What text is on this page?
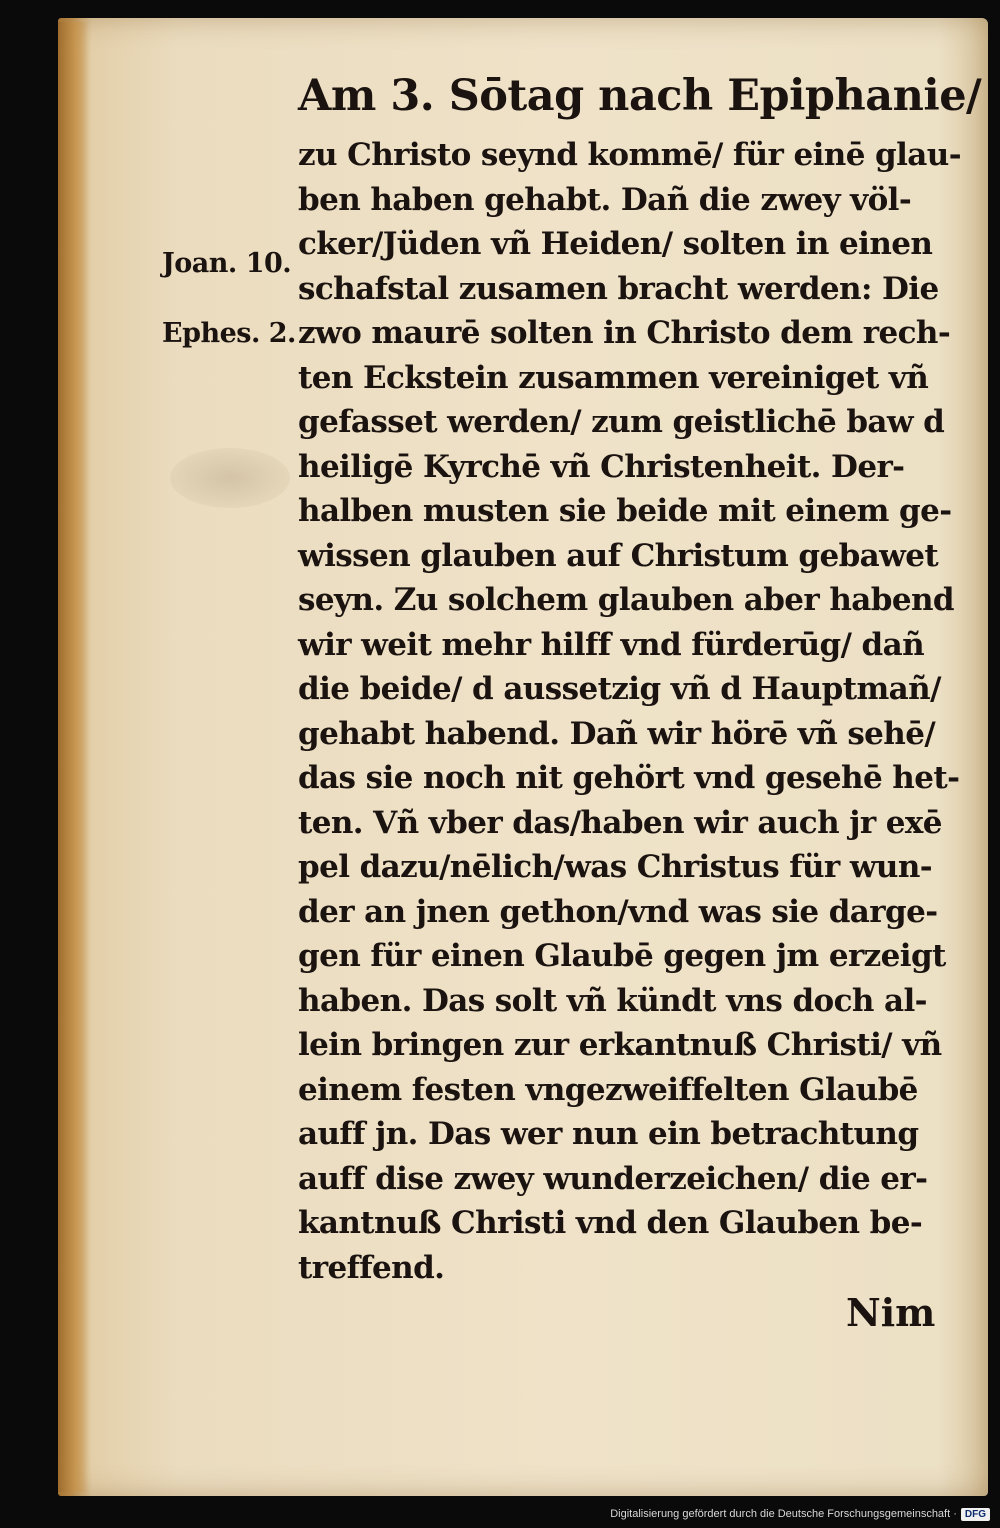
Am 3. Sōtag nach Epiphanie/
Joan. 10.
Ephes. 2.
zu Christo seynd kommē/ für einē glau-
ben haben gehabt. Dañ die zwey völ-
cker/Jüden vñ Heiden/ solten in einen
schafstal zusamen bracht werden: Die
zwo maurē solten in Christo dem rech-
ten Eckstein zusammen vereiniget vñ
gefasset werden/ zum geistlichē baw d
heiligē Kyrchē vñ Christenheit. Der-
halben musten sie beide mit einem ge-
wissen glauben auf Christum gebawet
seyn. Zu solchem glauben aber habend
wir weit mehr hilff vnd fürderūg/ dañ
die beide/ d aussetzig vñ d Hauptmañ/
gehabt habend. Dañ wir hörē vñ sehē/
das sie noch nit gehört vnd gesehē het-
ten. Vñ vber das/haben wir auch jr exē
pel dazu/nēlich/was Christus für wun-
der an jnen gethon/vnd was sie darge-
gen für einen Glaubē gegen jm erzeigt
haben. Das solt vñ kündt vns doch al-
lein bringen zur erkantnuß Christi/ vñ
einem festen vngezweiffelten Glaubē
auff jn. Das wer nun ein betrachtung
auff dise zwey wunderzeichen/ die er-
kantnuß Christi vnd den Glauben be-
treffend.
Nim
Digitalisierung gefördert durch die Deutsche Forschungsgemeinschaft · DFG
